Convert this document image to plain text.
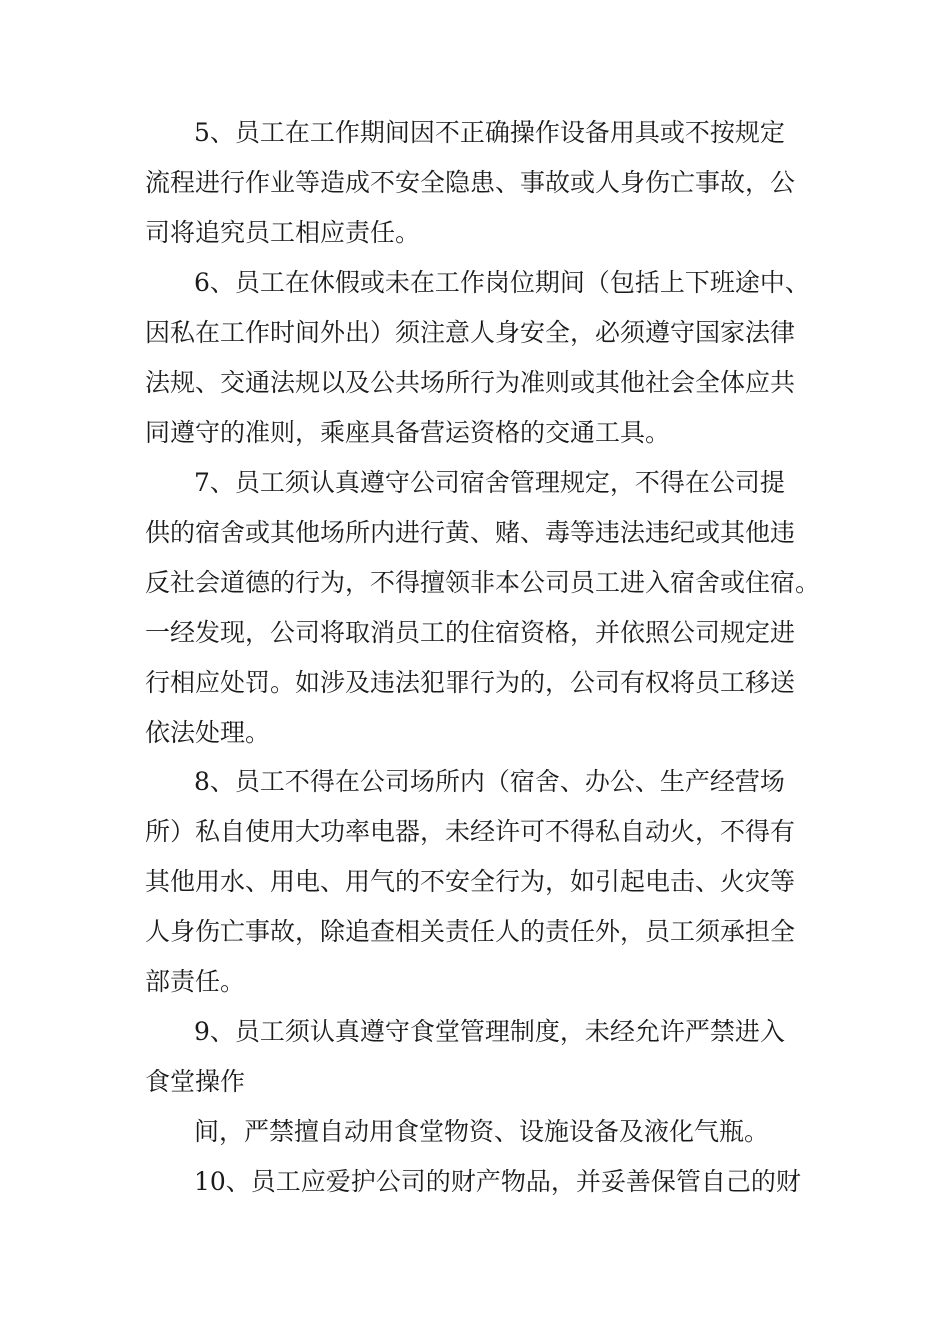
5、员工在工作期间因不正确操作设备用具或不按规定
流程进行作业等造成不安全隐患、事故或人身伤亡事故，公
司将追究员工相应责任。
6、员工在休假或未在工作岗位期间（包括上下班途中、
因私在工作时间外出）须注意人身安全，必须遵守国家法律
法规、交通法规以及公共场所行为准则或其他社会全体应共
同遵守的准则，乘座具备营运资格的交通工具。
7、员工须认真遵守公司宿舍管理规定，不得在公司提
供的宿舍或其他场所内进行黄、赌、毒等违法违纪或其他违
反社会道德的行为，不得擅领非本公司员工进入宿舍或住宿。
一经发现，公司将取消员工的住宿资格，并依照公司规定进
行相应处罚。如涉及违法犯罪行为的，公司有权将员工移送
依法处理。
8、员工不得在公司场所内（宿舍、办公、生产经营场
所）私自使用大功率电器，未经许可不得私自动火，不得有
其他用水、用电、用气的不安全行为，如引起电击、火灾等
人身伤亡事故，除追查相关责任人的责任外，员工须承担全
部责任。
9、员工须认真遵守食堂管理制度，未经允许严禁进入
食堂操作
间，严禁擅自动用食堂物资、设施设备及液化气瓶。
10、员工应爱护公司的财产物品，并妥善保管自己的财
